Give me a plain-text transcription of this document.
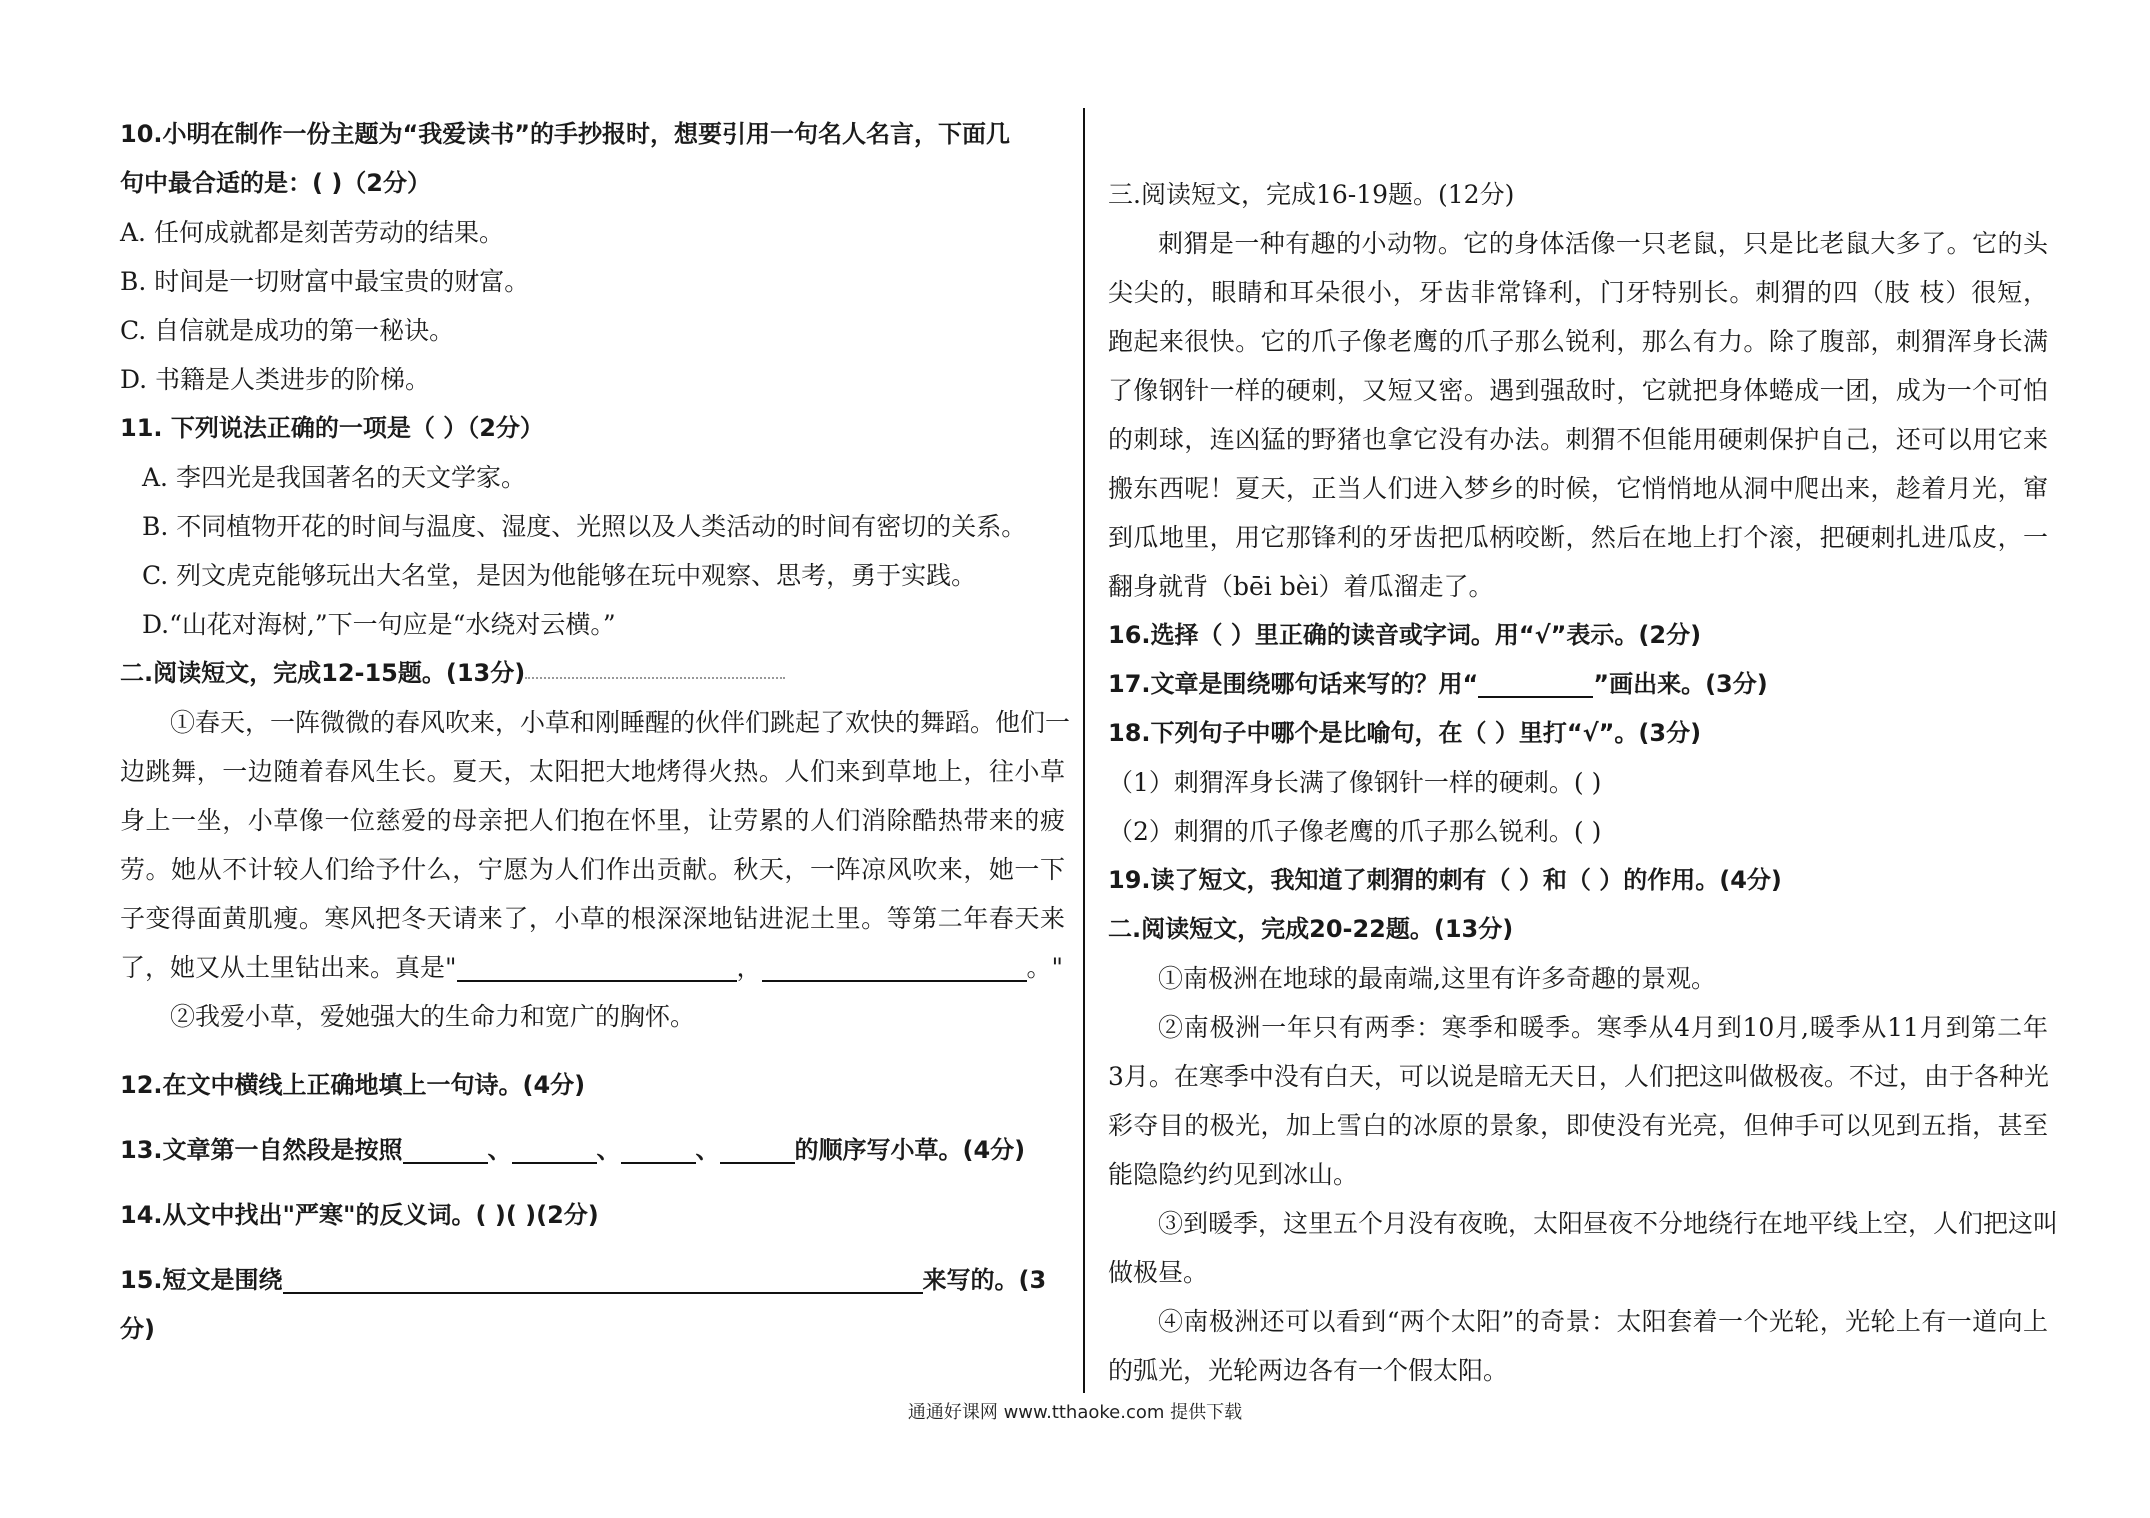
10.小明在制作一份主题为“我爱读书”的手抄报时，想要引用一句名人名言，下面几
句中最合适的是：( )（2分）
A. 任何成就都是刻苦劳动的结果。
B. 时间是一切财富中最宝贵的财富。
C. 自信就是成功的第一秘诀。
D. 书籍是人类进步的阶梯。
11. 下列说法正确的一项是（ ）（2分）
A. 李四光是我国著名的天文学家。
B. 不同植物开花的时间与温度、湿度、光照以及人类活动的时间有密切的关系。
C. 列文虎克能够玩出大名堂，是因为他能够在玩中观察、思考，勇于实践。
D.“山花对海树,”下一句应是“水绕对云横。”
二.阅读短文，完成12-15题。(13分)
①春天，一阵微微的春风吹来，小草和刚睡醒的伙伴们跳起了欢快的舞蹈。他们一
边跳舞，一边随着春风生长。夏天，太阳把大地烤得火热。人们来到草地上，往小草
身上一坐，小草像一位慈爱的母亲把人们抱在怀里，让劳累的人们消除酷热带来的疲
劳。她从不计较人们给予什么，宁愿为人们作出贡献。秋天，一阵凉风吹来，她一下
子变得面黄肌瘦。寒风把冬天请来了，小草的根深深地钻进泥土里。等第二年春天来
了，她又从土里钻出来。真是"	，	。"
②我爱小草，爱她强大的生命力和宽广的胸怀。
12.在文中横线上正确地填上一句诗。(4分)
13.文章第一自然段是按照	、	、	、	的顺序写小草。(4分)
14.从文中找出"严寒"的反义词。( )( )(2分)
15.短文是围绕	来写的。(3
分)
三.阅读短文，完成16-19题。(12分)
刺猬是一种有趣的小动物。它的身体活像一只老鼠，只是比老鼠大多了。它的头
尖尖的，眼睛和耳朵很小，牙齿非常锋利，门牙特别长。刺猬的四（肢 枝）很短，
跑起来很快。它的爪子像老鹰的爪子那么锐利，那么有力。除了腹部，刺猬浑身长满
了像钢针一样的硬刺，又短又密。遇到强敌时，它就把身体蜷成一团，成为一个可怕
的刺球，连凶猛的野猪也拿它没有办法。刺猬不但能用硬刺保护自己，还可以用它来
搬东西呢！夏天，正当人们进入梦乡的时候，它悄悄地从洞中爬出来，趁着月光，窜
到瓜地里，用它那锋利的牙齿把瓜柄咬断，然后在地上打个滚，把硬刺扎进瓜皮，一
翻身就背（bēi bèi）着瓜溜走了。
16.选择（ ）里正确的读音或字词。用“√”表示。(2分)
17.文章是围绕哪句话来写的？用“	”画出来。(3分)
18.下列句子中哪个是比喻句，在（ ）里打“√”。(3分)
（1）刺猬浑身长满了像钢针一样的硬刺。( )
（2）刺猬的爪子像老鹰的爪子那么锐利。( )
19.读了短文，我知道了刺猬的刺有（ ）和（ ）的作用。(4分)
二.阅读短文，完成20-22题。(13分)
①南极洲在地球的最南端,这里有许多奇趣的景观。
②南极洲一年只有两季：寒季和暖季。寒季从4月到10月,暖季从11月到第二年
3月。在寒季中没有白天，可以说是暗无天日，人们把这叫做极夜。不过，由于各种光
彩夺目的极光，加上雪白的冰原的景象，即使没有光亮，但伸手可以见到五指，甚至
能隐隐约约见到冰山。
③到暖季，这里五个月没有夜晚，太阳昼夜不分地绕行在地平线上空，人们把这叫
做极昼。
④南极洲还可以看到“两个太阳”的奇景：太阳套着一个光轮，光轮上有一道向上
的弧光，光轮两边各有一个假太阳。
通通好课网 www.tthaoke.com 提供下载
